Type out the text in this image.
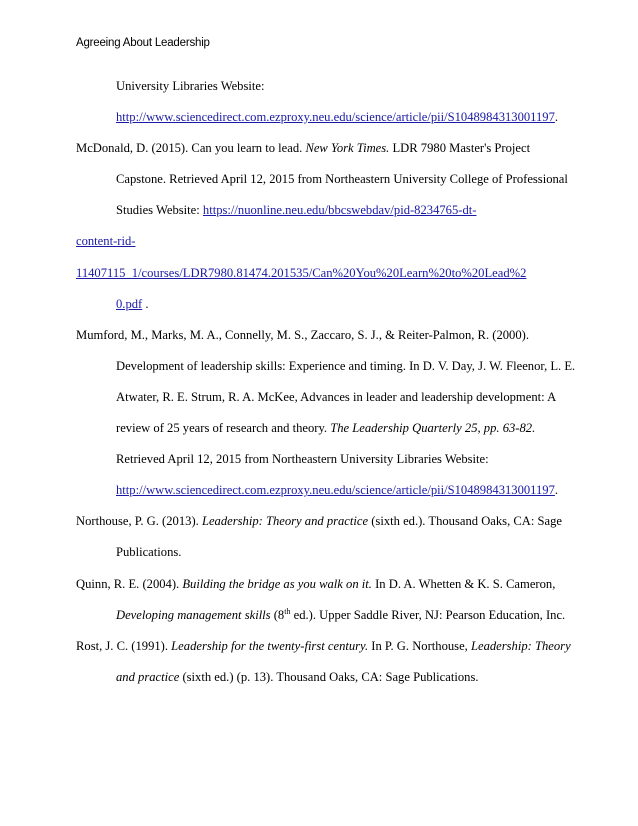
Agreeing About Leadership
University Libraries Website:
http://www.sciencedirect.com.ezproxy.neu.edu/science/article/pii/S1048984313001197.

McDonald, D. (2015). Can you learn to lead. New York Times. LDR 7980 Master's Project Capstone. Retrieved April 12, 2015 from Northeastern University College of Professional Studies Website: https://nuonline.neu.edu/bbcswebdav/pid-8234765-dt-
content-rid-
11407115_1/courses/LDR7980.81474.201535/Can%20You%20Learn%20to%20Lead%2
0.pdf .

Mumford, M., Marks, M. A., Connelly, M. S., Zaccaro, S. J., & Reiter-Palmon, R. (2000). Development of leadership skills: Experience and timing. In D. V. Day, J. W. Fleenor, L. E. Atwater, R. E. Strum, R. A. McKee, Advances in leader and leadership development: A review of 25 years of research and theory. The Leadership Quarterly 25, pp. 63-82. Retrieved April 12, 2015 from Northeastern University Libraries Website: http://www.sciencedirect.com.ezproxy.neu.edu/science/article/pii/S1048984313001197.

Northouse, P. G. (2013). Leadership: Theory and practice (sixth ed.). Thousand Oaks, CA: Sage Publications.

Quinn, R. E. (2004). Building the bridge as you walk on it. In D. A. Whetten & K. S. Cameron, Developing management skills (8th ed.). Upper Saddle River, NJ: Pearson Education, Inc.

Rost, J. C. (1991). Leadership for the twenty-first century. In P. G. Northouse, Leadership: Theory and practice (sixth ed.) (p. 13). Thousand Oaks, CA: Sage Publications.
